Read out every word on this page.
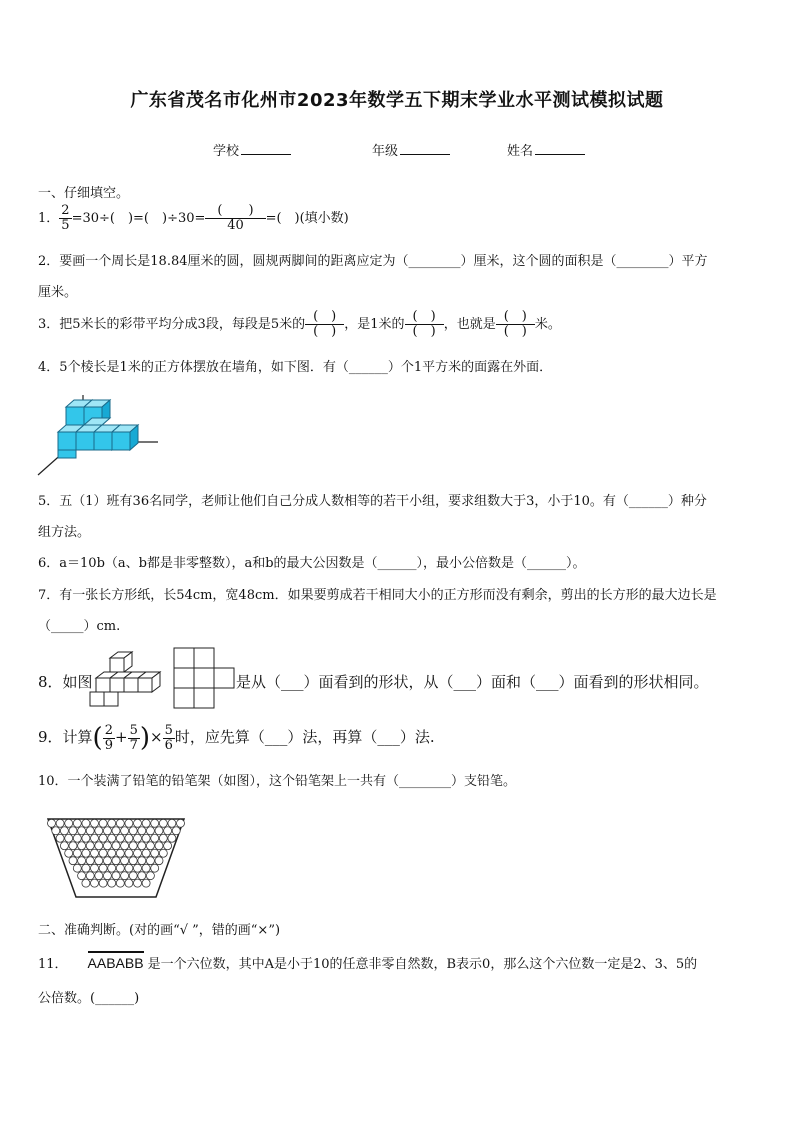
广东省茂名市化州市2023年数学五下期末学业水平测试模拟试题
学校	年级	姓名
一、仔细填空。
1． $\frac{2}{5} =30\div$(　)=(　)$\div 30= \frac{( )}{40}$ =(　)(填小数)
2．要画一个周长是18.84厘米的圆，圆规两脚间的距离应定为（________）厘米，这个圆的面积是（________）平方
厘米。
3．把5米长的彩带平均分成3段，每段是5米的 $\frac{( )}{( )}$ ，是1米的 $\frac{( )}{( )}$ ，也就是 $\frac{( )}{( )}$ 米。
4．5个棱长是1米的正方体摆放在墙角，如下图．有（______）个1平方米的面露在外面．
5．五（1）班有36名同学，老师让他们自己分成人数相等的若干小组，要求组数大于3，小于10。有（______）种分
组方法。
6．a＝10b（a、b都是非零整数），a和b的最大公因数是（______），最小公倍数是（______）。
7．有一张长方形纸，长54cm，宽48cm．如果要剪成若干相同大小的正方形而没有剩余，剪出的长方形的最大边长是
（_____）cm.
8．如图	是从（___）面看到的形状，从（___）面和（___）面看到的形状相同。
9．计算( $\frac{2}{9} + \frac{5}{7}$ )× $\frac{5}{6}$ 时，应先算（___）法，再算（___）法.
10．一个装满了铅笔的铅笔架（如图），这个铅笔架上一共有（________）支铅笔。
二、准确判断。(对的画“√ ”，错的画“×”)
11． AABABB 是一个六位数，其中A是小于10的任意非零自然数，B表示0，那么这个六位数一定是2、3、5的
公倍数。(______)
